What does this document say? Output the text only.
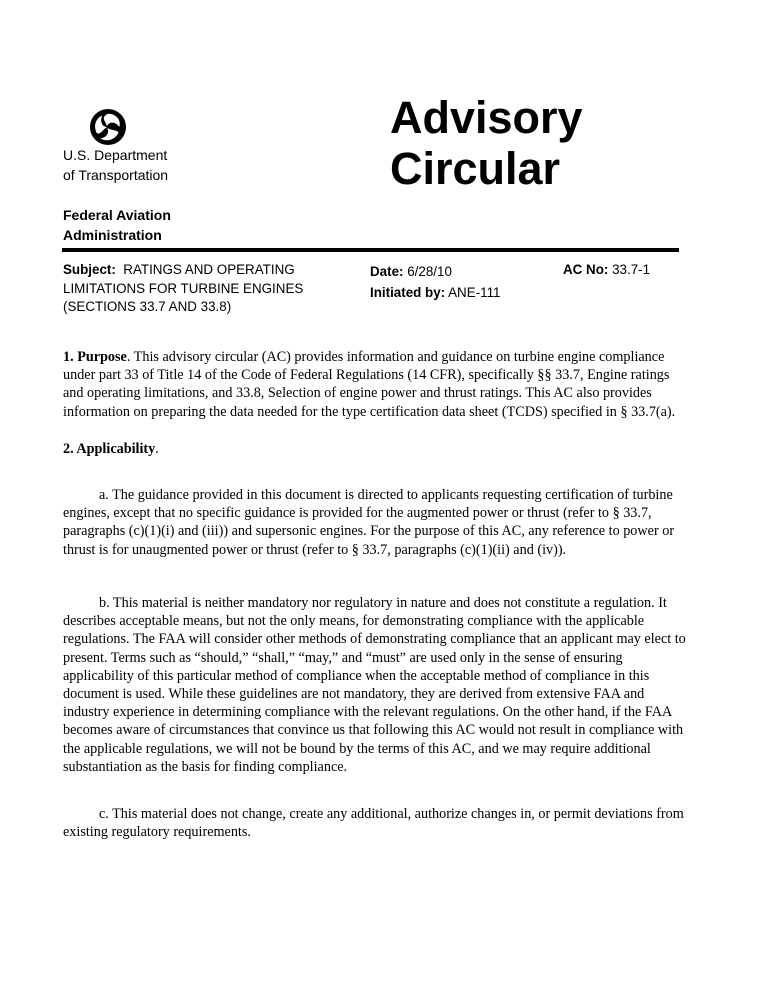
U.S. Department
of Transportation
Federal Aviation
Administration
Advisory
Circular
Subject: RATINGS AND OPERATING LIMITATIONS FOR TURBINE ENGINES (SECTIONS 33.7 AND 33.8)
Date: 6/28/10
Initiated by: ANE-111
AC No: 33.7-1
1. Purpose. This advisory circular (AC) provides information and guidance on turbine engine compliance under part 33 of Title 14 of the Code of Federal Regulations (14 CFR), specifically §§ 33.7, Engine ratings and operating limitations, and 33.8, Selection of engine power and thrust ratings. This AC also provides information on preparing the data needed for the type certification data sheet (TCDS) specified in § 33.7(a).
2. Applicability.
a. The guidance provided in this document is directed to applicants requesting certification of turbine engines, except that no specific guidance is provided for the augmented power or thrust (refer to § 33.7, paragraphs (c)(1)(i) and (iii)) and supersonic engines. For the purpose of this AC, any reference to power or thrust is for unaugmented power or thrust (refer to § 33.7, paragraphs (c)(1)(ii) and (iv)).
b. This material is neither mandatory nor regulatory in nature and does not constitute a regulation. It describes acceptable means, but not the only means, for demonstrating compliance with the applicable regulations. The FAA will consider other methods of demonstrating compliance that an applicant may elect to present. Terms such as “should,” “shall,” “may,” and “must” are used only in the sense of ensuring applicability of this particular method of compliance when the acceptable method of compliance in this document is used. While these guidelines are not mandatory, they are derived from extensive FAA and industry experience in determining compliance with the relevant regulations. On the other hand, if the FAA becomes aware of circumstances that convince us that following this AC would not result in compliance with the applicable regulations, we will not be bound by the terms of this AC, and we may require additional substantiation as the basis for finding compliance.
c. This material does not change, create any additional, authorize changes in, or permit deviations from existing regulatory requirements.
